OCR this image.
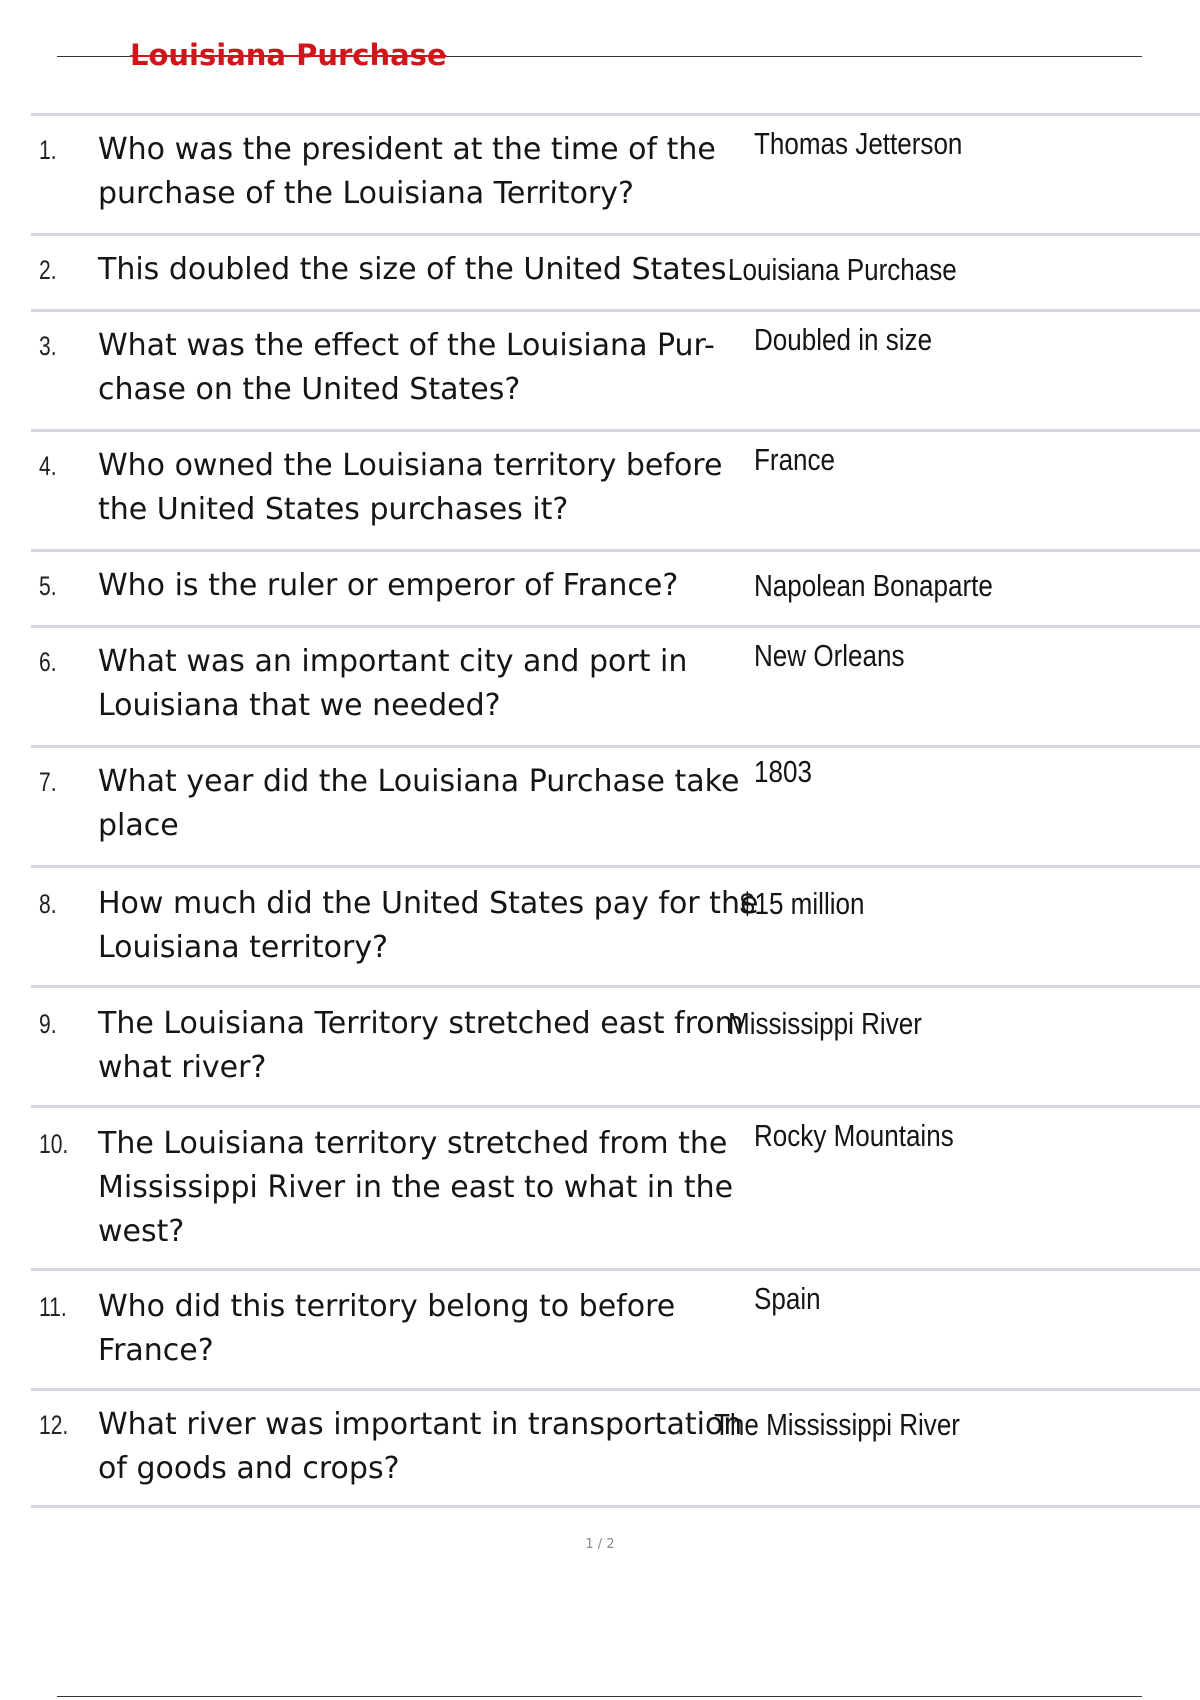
Louisiana Purchase
1. Who was the president at the time of the
purchase of the Louisiana Territory?
Thomas Jetterson
2. This doubled the size of the United States.
Louisiana Purchase
3. What was the effect of the Louisiana Pur-
chase on the United States?
Doubled in size
4. Who owned the Louisiana territory before
the United States purchases it?
France
5. Who is the ruler or emperor of France? Napolean Bonaparte
6. What was an important city and port in
Louisiana that we needed?
New Orleans
7. What year did the Louisiana Purchase take
place
1803
8. How much did the United States pay for the
Louisiana territory?
$15 million
9. The Louisiana Territory stretched east from
what river?
Mississippi River
10. The Louisiana territory stretched from the
Mississippi River in the east to what in the
west?
Rocky Mountains
11. Who did this territory belong to before
France?
Spain
12. What river was important in transportation
of goods and crops?
The Mississippi River
1 / 2
